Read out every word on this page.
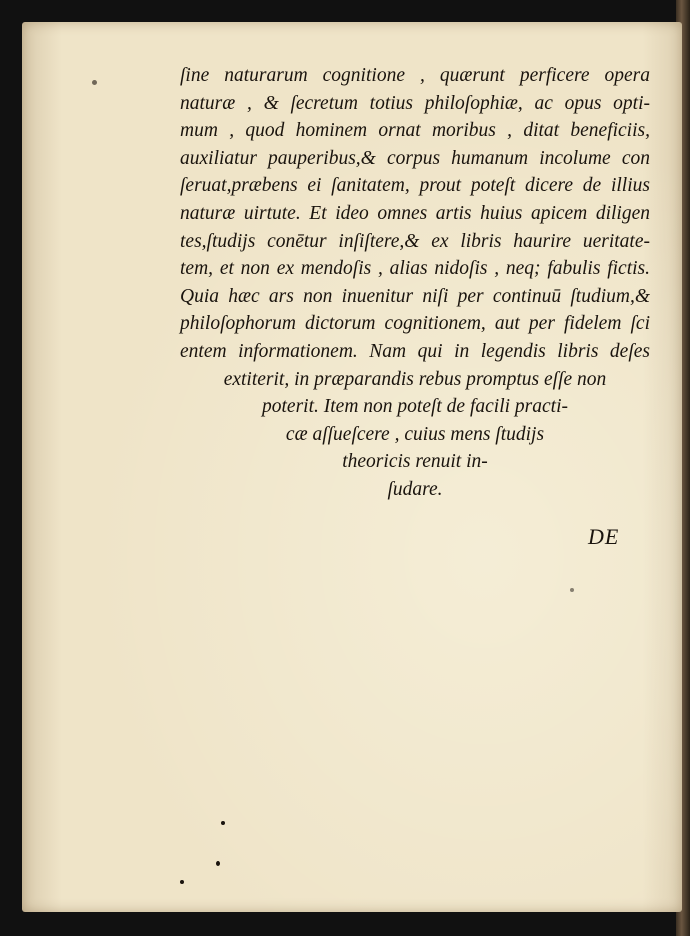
ſine naturarum cognitione , quærunt perficere opera
naturæ , & ſecretum totius philoſophiæ, ac opus opti-
mum , quod hominem ornat moribus , ditat beneficiis,
auxiliatur pauperibus,& corpus humanum incolume con
ſeruat,præbens ei ſanitatem, prout poteſt dicere de illius
naturæ uirtute. Et ideo omnes artis huius apicem diligen
tes,ſtudijs conētur inſiſtere,& ex libris haurire ueritate-
tem, et non ex mendoſis , alias nidoſis , neq; fabulis fictis.
Quia hæc ars non inuenitur niſi per continuū ſtudium,&
philoſophorum dictorum cognitionem, aut per fidelem ſci
entem informationem. Nam qui in legendis libris deſes
extiterit, in præparandis rebus promptus eſſe non
poterit. Item non poteſt de facili practi-
cæ aſſueſcere , cuius mens ſtudijs
theoricis renuit in-
ſudare.
DE
